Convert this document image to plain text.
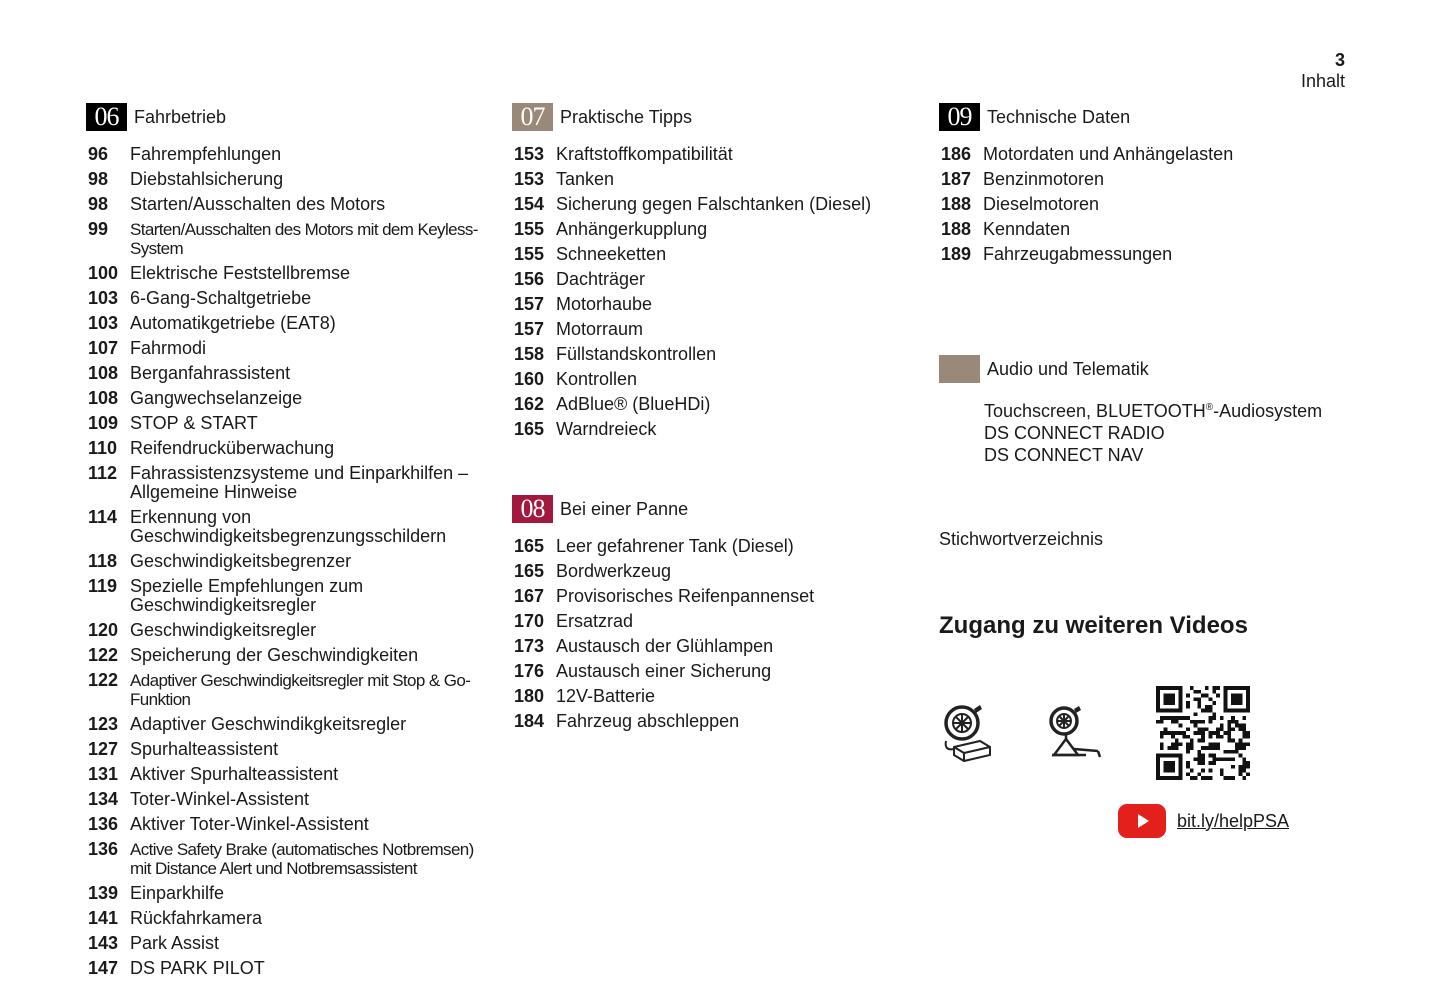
3
Inhalt
06 Fahrbetrieb
96	Fahrempfehlungen
98	Diebstahlsicherung
98	Starten/Ausschalten des Motors
99	Starten/Ausschalten des Motors mit dem Keyless-System
100 Elektrische Feststellbremse
103 6-Gang-Schaltgetriebe
103 Automatikgetriebe (EAT8)
107 Fahrmodi
108 Berganfahrassistent
108 Gangwechselanzeige
109 STOP & START
110 Reifendrucküberwachung
112 Fahrassistenzsysteme und Einparkhilfen – Allgemeine Hinweise
114 Erkennung von Geschwindigkeitsbegrenzungsschildern
118 Geschwindigkeitsbegrenzer
119 Spezielle Empfehlungen zum Geschwindigkeitsregler
120 Geschwindigkeitsregler
122 Speicherung der Geschwindigkeiten
122 Adaptiver Geschwindigkeitsregler mit Stop & Go-Funktion
123 Adaptiver Geschwindikgkeitsregler
127 Spurhalteassistent
131 Aktiver Spurhalteassistent
134 Toter-Winkel-Assistent
136 Aktiver Toter-Winkel-Assistent
136 Active Safety Brake (automatisches Notbremsen) mit Distance Alert und Notbremsassistent
139 Einparkhilfe
141 Rückfahrkamera
143 Park Assist
147 DS PARK PILOT
07 Praktische Tipps
153 Kraftstoffkompatibilität
153 Tanken
154 Sicherung gegen Falschtanken (Diesel)
155 Anhängerkupplung
155 Schneeketten
156 Dachträger
157 Motorhaube
157 Motorraum
158 Füllstandskontrollen
160 Kontrollen
162 AdBlue® (BlueHDi)
165 Warndreieck
08 Bei einer Panne
165 Leer gefahrener Tank (Diesel)
165 Bordwerkzeug
167 Provisorisches Reifenpannenset
170 Ersatzrad
173 Austausch der Glühlampen
176 Austausch einer Sicherung
180 12V-Batterie
184 Fahrzeug abschleppen
09 Technische Daten
186 Motordaten und Anhängelasten
187 Benzinmotoren
188 Dieselmotoren
188 Kenndaten
189 Fahrzeugabmessungen
Audio und Telematik
Touchscreen, BLUETOOTH®-Audiosystem
DS CONNECT RADIO
DS CONNECT NAV
Stichwortverzeichnis
Zugang zu weiteren Videos
bit.ly/helpPSA
